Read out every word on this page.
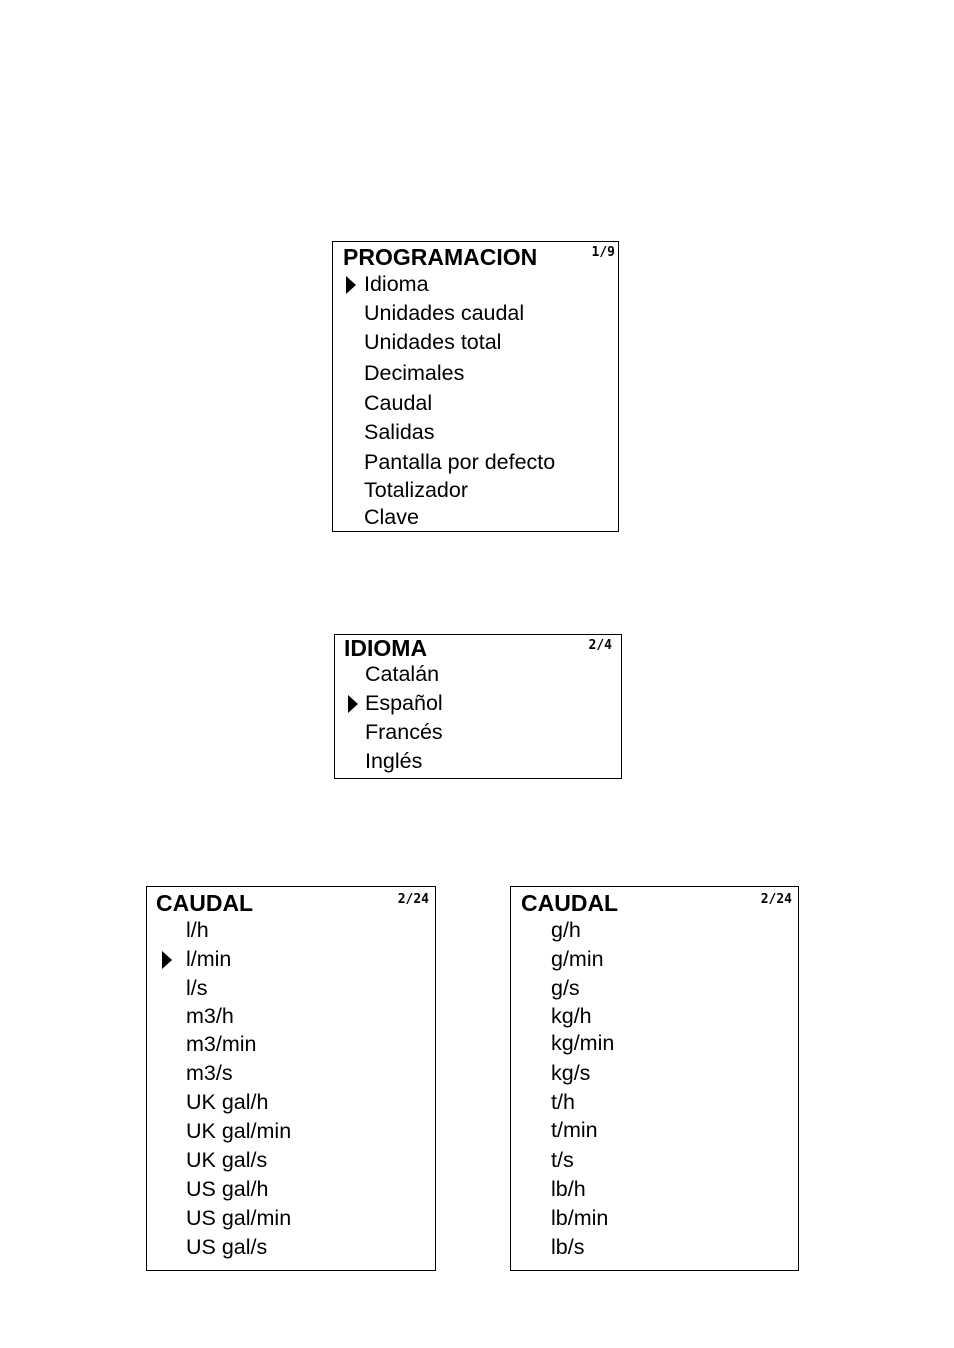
PROGRAMACION	1/9
Idioma
Unidades caudal
Unidades total
Decimales
Caudal
Salidas
Pantalla por defecto
Totalizador
Clave
IDIOMA	2/4
Catalán
Español
Francés
Inglés
CAUDAL	2/24
l/h
l/min
l/s
m3/h
m3/min
m3/s
UK gal/h
UK gal/min
UK gal/s
US gal/h
US gal/min
US gal/s
CAUDAL	2/24
g/h
g/min
g/s
kg/h
kg/min
kg/s
t/h
t/min
t/s
lb/h
lb/min
lb/s
